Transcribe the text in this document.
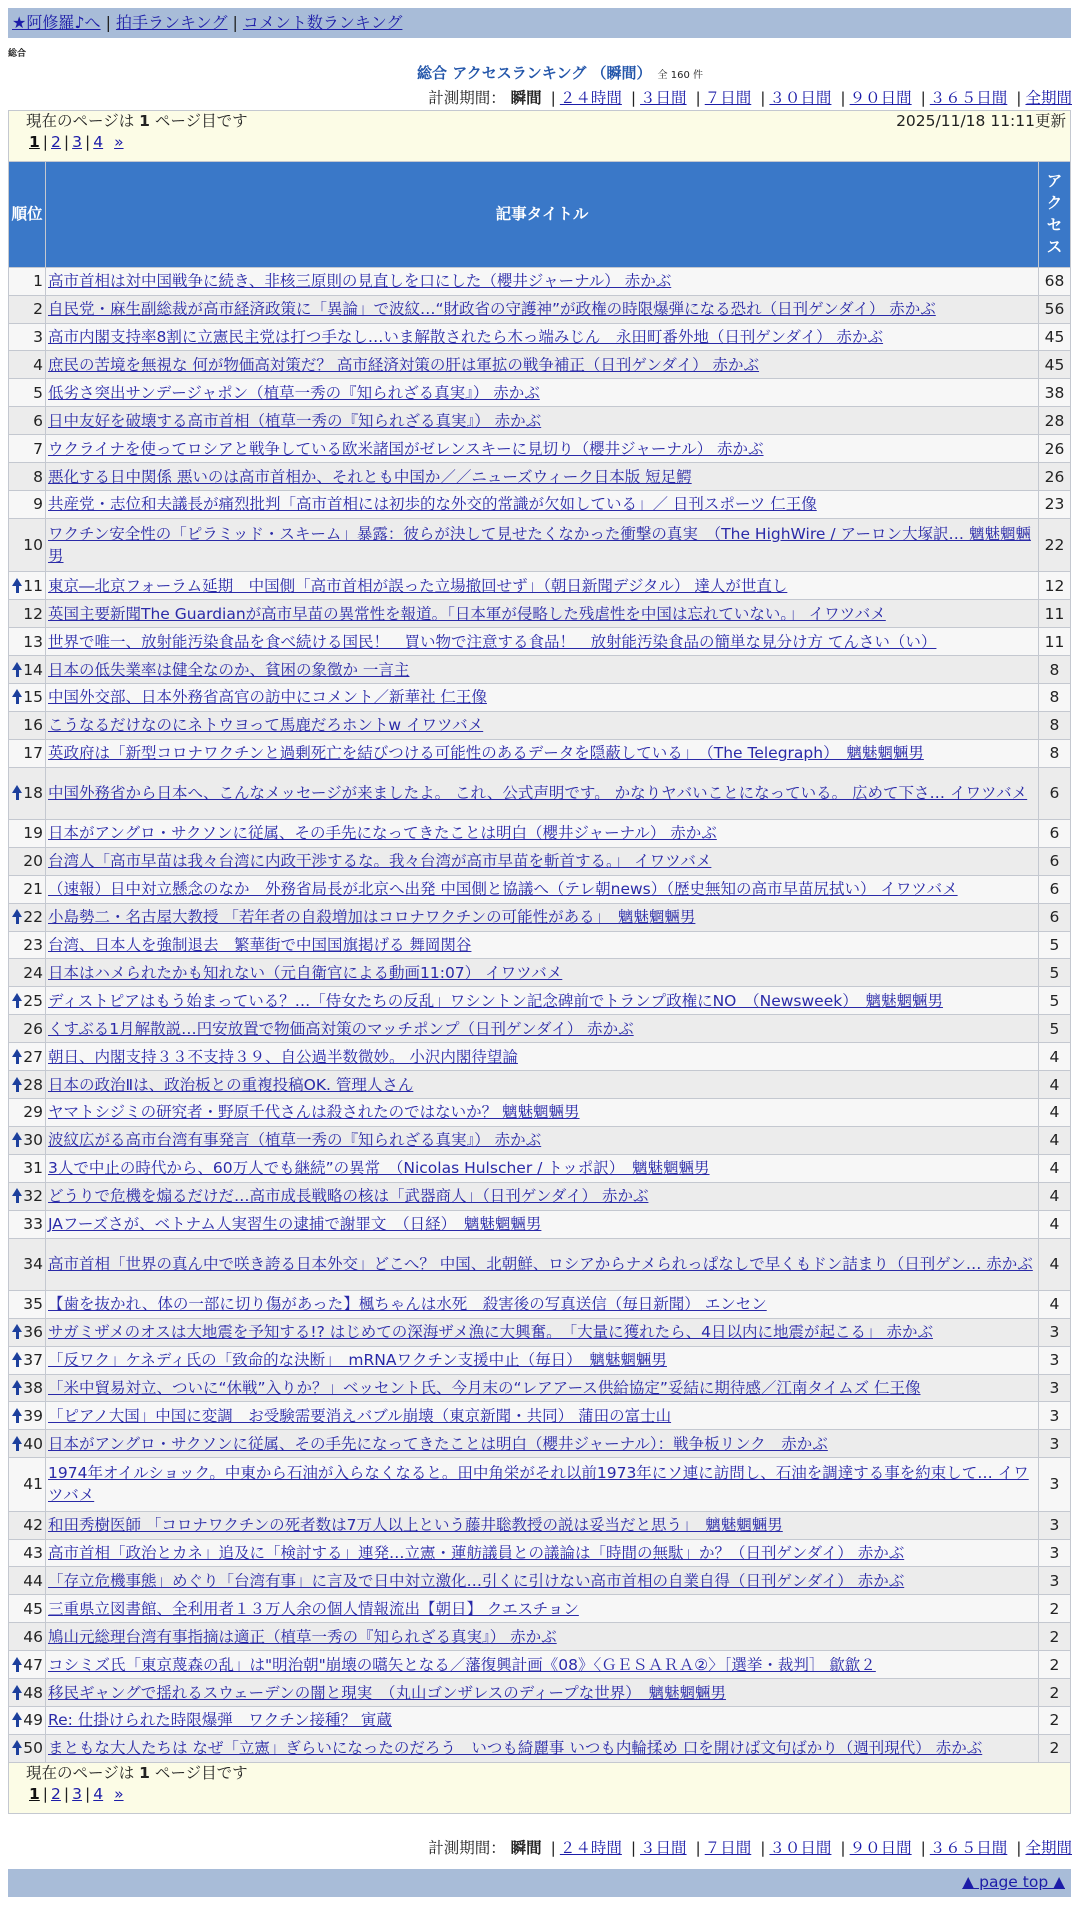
★阿修羅♪へ | 拍手ランキング | コメント数ランキング
総合
総合 アクセスランキング （瞬間） 全 160 件
計測期間： 瞬間 | ２４時間 | ３日間 | ７日間 | ３０日間 | ９０日間 | ３６５日間 | 全期間
現在のページは 1 ページ目です 2025/11/18 11:11更新
1 | 2 | 3 | 4 »		

順位	記事タイトル	アクセス
1	高市首相は対中国戦争に続き、非核三原則の見直しを口にした（櫻井ジャーナル） 赤かぶ	68
2	自民党・麻生副総裁が高市経済政策に「異論」で波紋…“財政省の守護神”が政権の時限爆弾になる恐れ（日刊ゲンダイ） 赤かぶ	56
3	高市内閣支持率8割に立憲民主党は打つ手なし…いま解散されたら木っ端みじん　永田町番外地（日刊ゲンダイ） 赤かぶ	45
4	庶民の苦境を無視な 何が物価高対策だ？ 高市経済対策の肝は軍拡の戦争補正（日刊ゲンダイ） 赤かぶ	45
5	低劣さ突出サンデージャポン（植草一秀の『知られざる真実』） 赤かぶ	38
6	日中友好を破壊する高市首相（植草一秀の『知られざる真実』） 赤かぶ	28
7	ウクライナを使ってロシアと戦争している欧米諸国がゼレンスキーに見切り（櫻井ジャーナル） 赤かぶ	26
8	悪化する日中関係 悪いのは高市首相か、それとも中国か／／ニューズウィーク日本版 短足鰐	26
9	共産党・志位和夫議長が痛烈批判「高市首相には初歩的な外交的常識が欠如している」／ 日刊スポーツ 仁王像	23
10	ワクチン安全性の「ピラミッド・スキーム」暴露：彼らが決して見せたくなかった衝撃の真実　（The HighWire / アーロン大塚訳… 魑魅魍魎男	22

11	東京―北京フォーラム延期　中国側「高市首相が誤った立場撤回せず」（朝日新聞デジタル） 達人が世直し	12
12	英国主要新聞The Guardianが高市早苗の異常性を報道。「日本軍が侵略した残虐性を中国は忘れていない。」 イワツバメ	11
13	世界で唯一、放射能汚染食品を食べ続ける国民！　買い物で注意する食品！　放射能汚染食品の簡単な見分け方 てんさい（い）	11

14	日本の低失業率は健全なのか、貧困の象徴か 一言主	8

15	中国外交部、日本外務省高官の訪中にコメント／新華社 仁王像	8
16	こうなるだけなのにネトウヨって馬鹿だろホントw イワツバメ	8
17	英政府は「新型コロナワクチンと過剰死亡を結びつける可能性のあるデータを隠蔽している」　（The Telegraph）　魑魅魍魎男	8

18	中国外務省から日本へ、こんなメッセージが来ましたよ。 これ、公式声明です。 かなりヤバいことになっている。 広めて下さ… イワツバメ	6
19	日本がアングロ・サクソンに従属、その手先になってきたことは明白（櫻井ジャーナル） 赤かぶ	6
20	台湾人「高市早苗は我々台湾に内政干渉するな。我々台湾が高市早苗を斬首する。」 イワツバメ	6
21	（速報）日中対立懸念のなか　外務省局長が北京へ出発 中国側と協議へ（テレ朝news）（歴史無知の高市早苗尻拭い） イワツバメ	6

22	小島勢二・名古屋大教授 「若年者の自殺増加はコロナワクチンの可能性がある」　魑魅魍魎男	6
23	台湾、日本人を強制退去　繁華街で中国国旗掲げる 舞岡関谷	5
24	日本はハメられたかも知れない（元自衛官による動画11:07） イワツバメ	5

25	ディストピアはもう始まっている？…「侍女たちの反乱」ワシントン記念碑前でトランプ政権にNO　（Newsweek）　魑魅魍魎男	5
26	くすぶる1月解散説…円安放置で物価高対策のマッチポンプ（日刊ゲンダイ） 赤かぶ	5

27	朝日、内閣支持３３不支持３９、自公過半数微妙。 小沢内閣待望論	4

28	日本の政治Ⅱは、政治板との重複投稿OK. 管理人さん	4
29	ヤマトシジミの研究者・野原千代さんは殺されたのではないか？ 魑魅魍魎男	4

30	波紋広がる高市台湾有事発言（植草一秀の『知られざる真実』） 赤かぶ	4
31	3人で中止の時代から、60万人でも継続”の異常　（Nicolas Hulscher / トッポ訳）　魑魅魍魎男	4

32	どうりで危機を煽るだけだ…高市成長戦略の核は「武器商人」（日刊ゲンダイ） 赤かぶ	4
33	JAフーズさが、ベトナム人実習生の逮捕で謝罪文　（日経）　魑魅魍魎男	4
34	高市首相「世界の真ん中で咲き誇る日本外交」どこへ？ 中国、北朝鮮、ロシアからナメられっぱなしで早くもドン詰まり（日刊ゲン… 赤かぶ	4
35	【歯を抜かれ、体の一部に切り傷があった】楓ちゃんは水死　殺害後の写真送信（毎日新聞） エンセン	4

36	サガミザメのオスは大地震を予知する!? はじめての深海ザメ漁に大興奮。　「大量に獲れたら、4日以内に地震が起こる」 赤かぶ	3

37	「反ワク」ケネディ氏の「致命的な決断」　mRNAワクチン支援中止（毎日）　魑魅魍魎男	3

38	「米中貿易対立、ついに“休戦”入りか？」ベッセント氏、今月末の“レアアース供給協定”妥結に期待感／江南タイムズ 仁王像	3

39	「ピアノ大国」中国に変調　お受験需要消えバブル崩壊（東京新聞・共同） 蒲田の富士山	3

40	日本がアングロ・サクソンに従属、その手先になってきたことは明白（櫻井ジャーナル）：戦争板リンク　赤かぶ	3
41	1974年オイルショック。中東から石油が入らなくなると。田中角栄がそれ以前1973年にソ連に訪問し、石油を調達する事を約束して… イワツバメ	3
42	和田秀樹医師 「コロナワクチンの死者数は7万人以上という藤井聡教授の説は妥当だと思う」　魑魅魍魎男	3
43	高市首相「政治とカネ」追及に「検討する」連発…立憲・蓮舫議員との議論は「時間の無駄」か？（日刊ゲンダイ） 赤かぶ	3
44	「存立危機事態」めぐり「台湾有事」に言及で日中対立激化…引くに引けない高市首相の自業自得（日刊ゲンダイ） 赤かぶ	3
45	三重県立図書館、全利用者１３万人余の個人情報流出【朝日】 クエスチョン	2
46	鳩山元総理台湾有事指摘は適正（植草一秀の『知られざる真実』） 赤かぶ	2

47	コシミズ氏「東京蔑森の乱」は"明治朝"崩壊の嚆矢となる／藩復興計画《08》〈ＧＥＳＡＲＡ②〉［選挙・裁判］ 歙歙２	2

48	移民ギャングで揺れるスウェーデンの闇と現実　（丸山ゴンザレスのディープな世界）　魑魅魍魎男	2

49	Re: 仕掛けられた時限爆弾　ワクチン接種？ 寅蔵	2

50	まともな大人たちは なぜ「立憲」ぎらいになったのだろう　いつも綺麗事 いつも内輪揉め 口を開けば文句ばかり（週刊現代） 赤かぶ	2

現在のページは 1 ページ目です
1 | 2 | 3 | 4 »		
計測期間： 瞬間 | ２４時間 | ３日間 | ７日間 | ３０日間 | ９０日間 | ３６５日間 | 全期間
▲ page top ▲
